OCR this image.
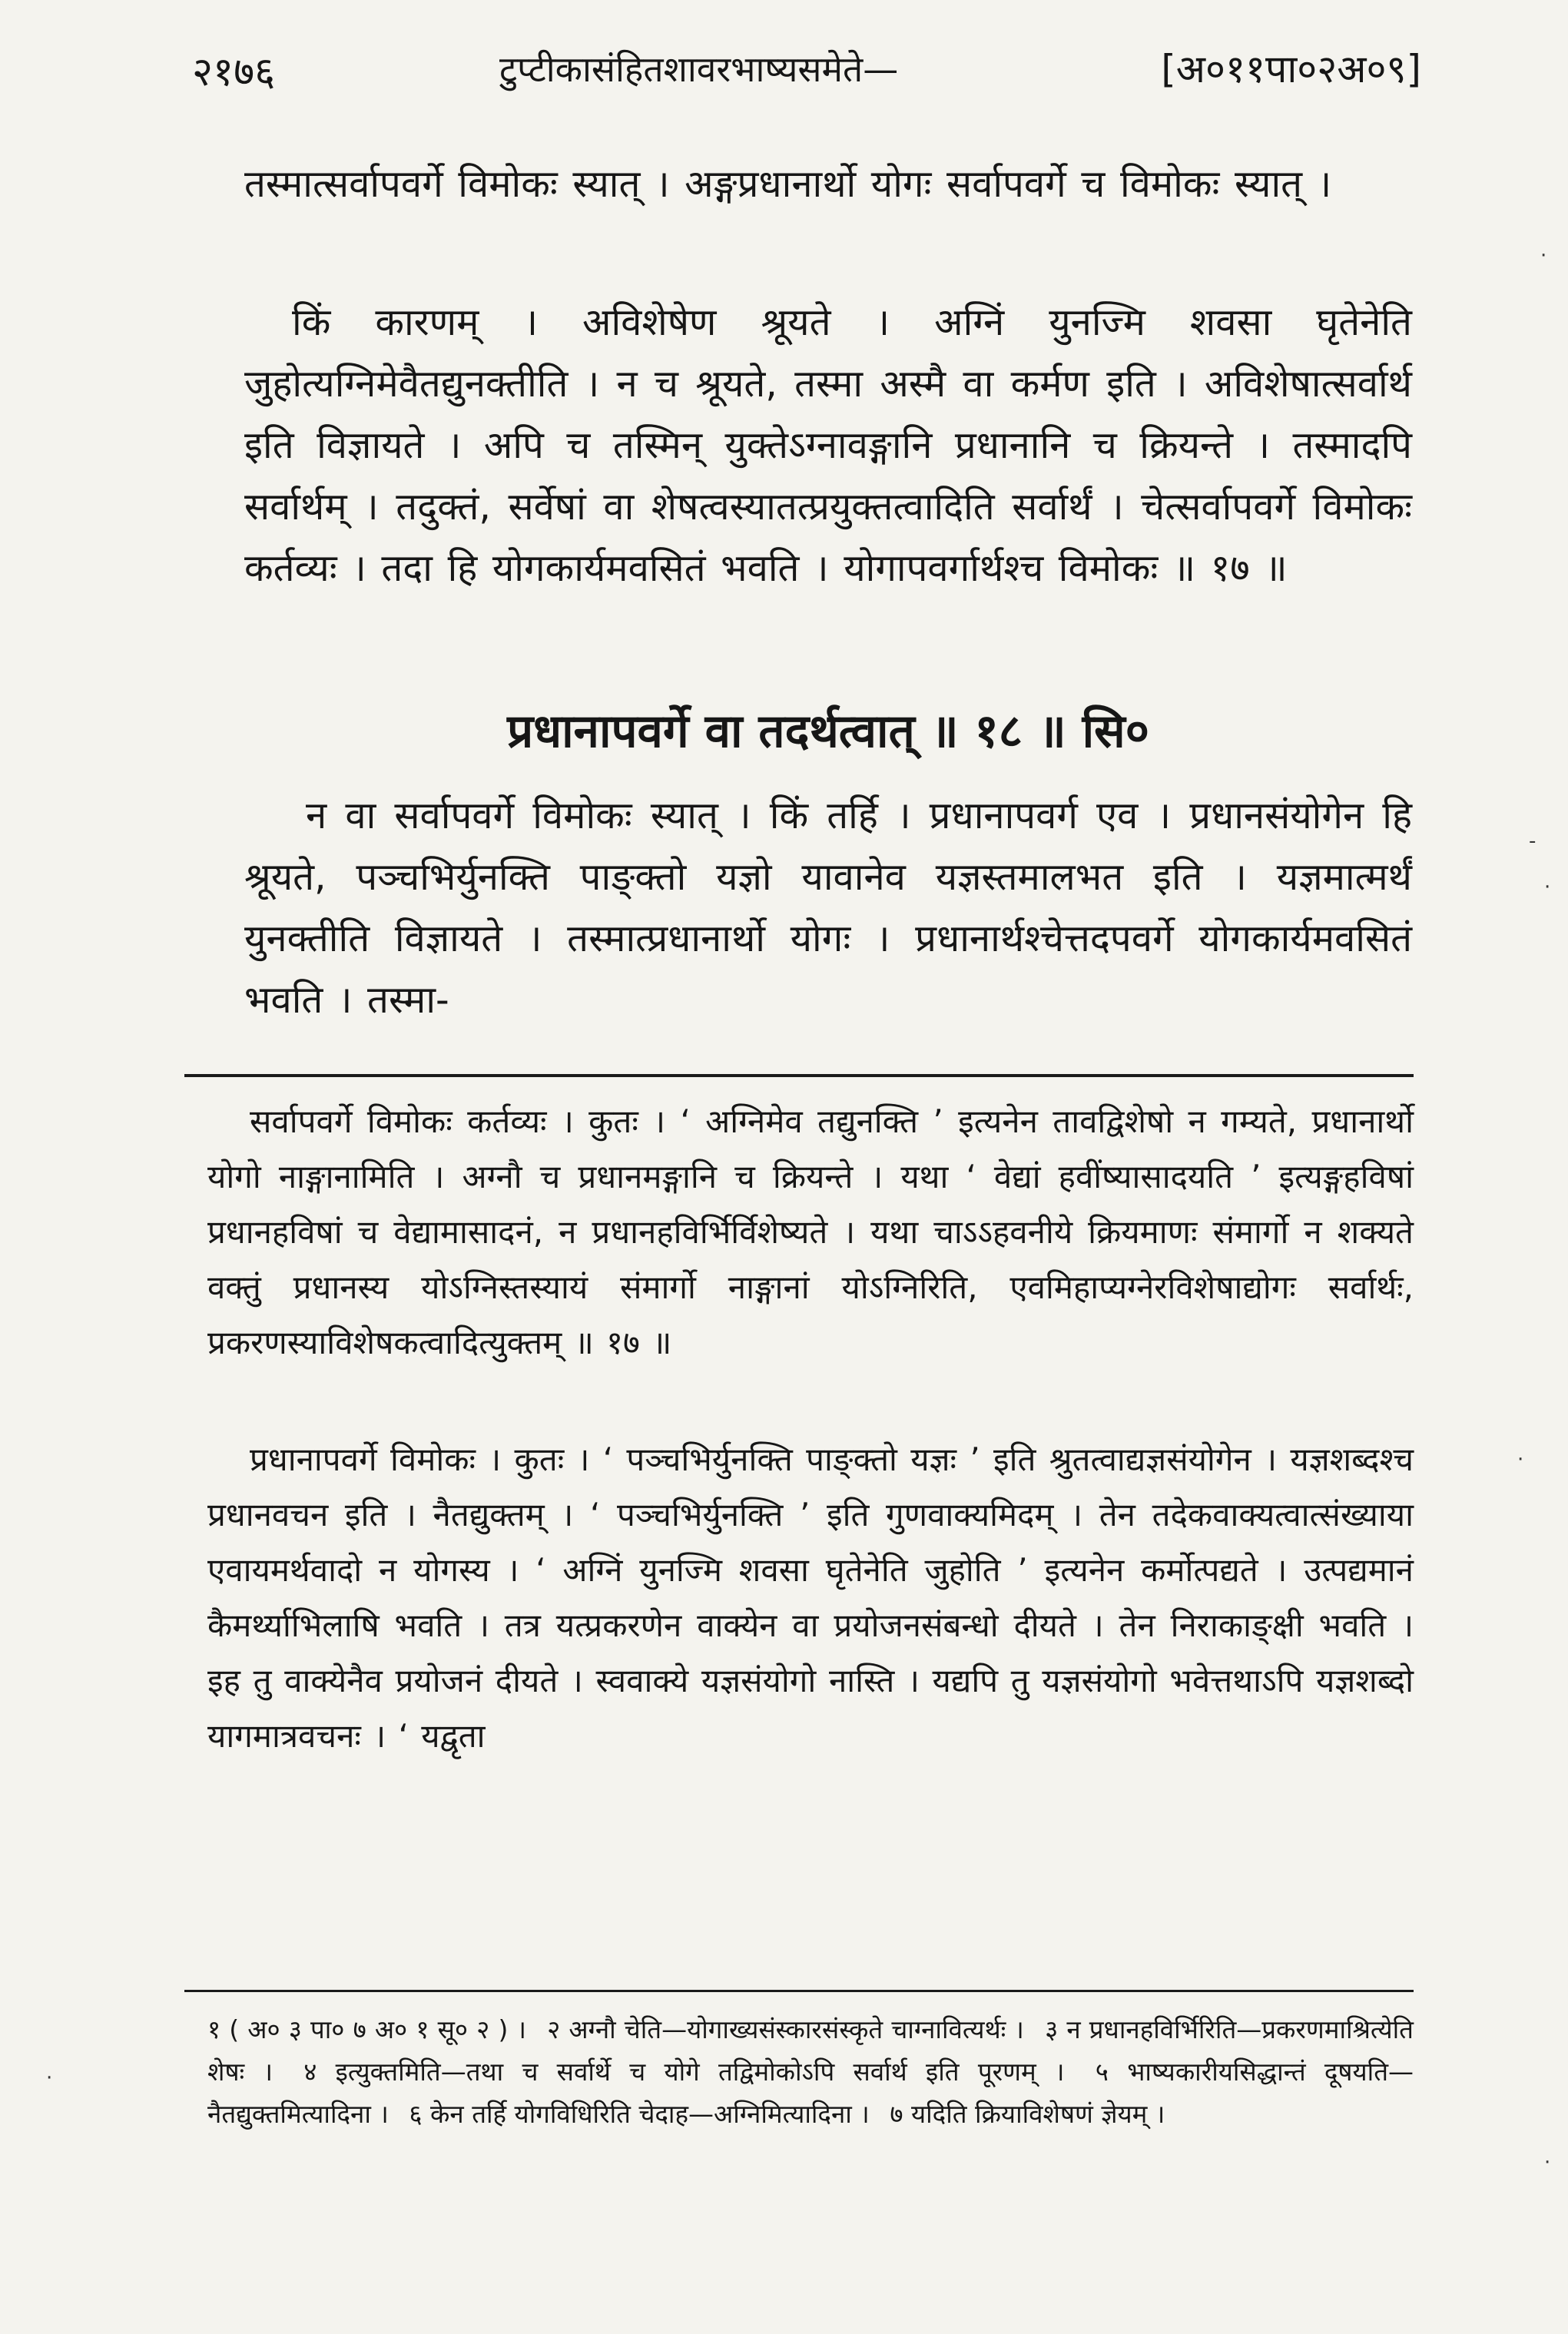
२१७६	टुप्टीकासंहितशावरभाष्यसमेते—	[अ०११पा०२अ०९]
तस्मात्सर्वापवर्गे विमोकः स्यात् । अङ्गप्रधानार्थो योगः सर्वापवर्गे च विमोकः स्यात् ।
किं कारणम् । अविशेषेण श्रूयते । अग्निं युनज्मि शवसा घृतेनेति जुहोत्यग्निमेवैतद्युनक्तीति । न च श्रूयते, तस्मा अस्मै वा कर्मण इति । अविशेषात्सर्वार्थ इति विज्ञायते । अपि च तस्मिन् युक्तेऽग्नावङ्गानि प्रधानानि च क्रियन्ते । तस्मादपि सर्वार्थम् । तदुक्तं, सर्वेषां वा शेषत्वस्यातत्प्रयुक्तत्वादिति सर्वार्थं । चेत्सर्वापवर्गे विमोकः कर्तव्यः । तदा हि योगकार्यमवसितं भवति । योगापवर्गार्थश्च विमोकः ॥ १७ ॥
प्रधानापवर्गे वा तदर्थत्वात् ॥ १८ ॥ सि०
न वा सर्वापवर्गे विमोकः स्यात् । किं तर्हि । प्रधानापवर्ग एव । प्रधानसंयोगेन हि श्रूयते, पञ्चभिर्युनक्ति पाङ्क्तो यज्ञो यावानेव यज्ञस्तमालभत इति । यज्ञमात्मर्थं युनक्तीति विज्ञायते । तस्मात्प्रधानार्थो योगः । प्रधानार्थश्चेत्तदपवर्गे योगकार्यमवसितं भवति । तस्मा-
सर्वापवर्गे विमोकः कर्तव्यः । कुतः । ‘ अग्निमेव तद्युनक्ति ’ इत्यनेन तावद्विशेषो न गम्यते, प्रधानार्थो योगो नाङ्गानामिति । अग्नौ च प्रधानमङ्गानि च क्रियन्ते । यथा ‘ वेद्यां हवींष्यासादयति ’ इत्यङ्गहविषां प्रधानहविषां च वेद्यामासादनं, न प्रधानहविर्भिर्विशेष्यते । यथा चाऽऽहवनीये क्रियमाणः संमार्गो न शक्यते वक्तुं प्रधानस्य योऽग्निस्तस्यायं संमार्गो नाङ्गानां योऽग्निरिति, एवमिहाप्यग्नेरविशेषाद्योगः सर्वार्थः, प्रकरणस्याविशेषकत्वादित्युक्तम् ॥ १७ ॥
प्रधानापवर्गे विमोकः । कुतः । ‘ पञ्चभिर्युनक्ति पाङ्क्तो यज्ञः ’ इति श्रुतत्वाद्यज्ञसंयोगेन । यज्ञशब्दश्च प्रधानवचन इति । नैतद्युक्तम् । ‘ पञ्चभिर्युनक्ति ’ इति गुणवाक्यमिदम् । तेन तदेकवाक्यत्वात्संख्याया एवायमर्थवादो न योगस्य । ‘ अग्निं युनज्मि शवसा घृतेनेति जुहोति ’ इत्यनेन कर्मोत्पद्यते । उत्पद्यमानं कैमर्थ्याभिलाषि भवति । तत्र यत्प्रकरणेन वाक्येन वा प्रयोजनसंबन्धो दीयते । तेन निराकाङ्क्षी भवति । इह तु वाक्येनैव प्रयोजनं दीयते । स्ववाक्ये यज्ञसंयोगो नास्ति । यद्यपि तु यज्ञसंयोगो भवेत्तथाऽपि यज्ञशब्दो यागमात्रवचनः । ‘ यद्वृता
१ ( अ० ३ पा० ७ अ० १ सू० २ ) । २ अग्नौ चेति—योगाख्यसंस्कारसंस्कृते चाग्नावित्यर्थः । ३ न प्रधानहविर्भिरिति—प्रकरणमाश्रित्येति शेषः । ४ इत्युक्तमिति—तथा च सर्वार्थे च योगे तद्विमोकोऽपि सर्वार्थ इति पूरणम् । ५ भाष्यकारीयसिद्धान्तं दूषयति—नैतद्युक्तमित्यादिना । ६ केन तर्हि योगविधिरिति चेदाह—अग्निमित्यादिना । ७ यदिति क्रियाविशेषणं ज्ञेयम् ।
·
-
·
·
·
·
